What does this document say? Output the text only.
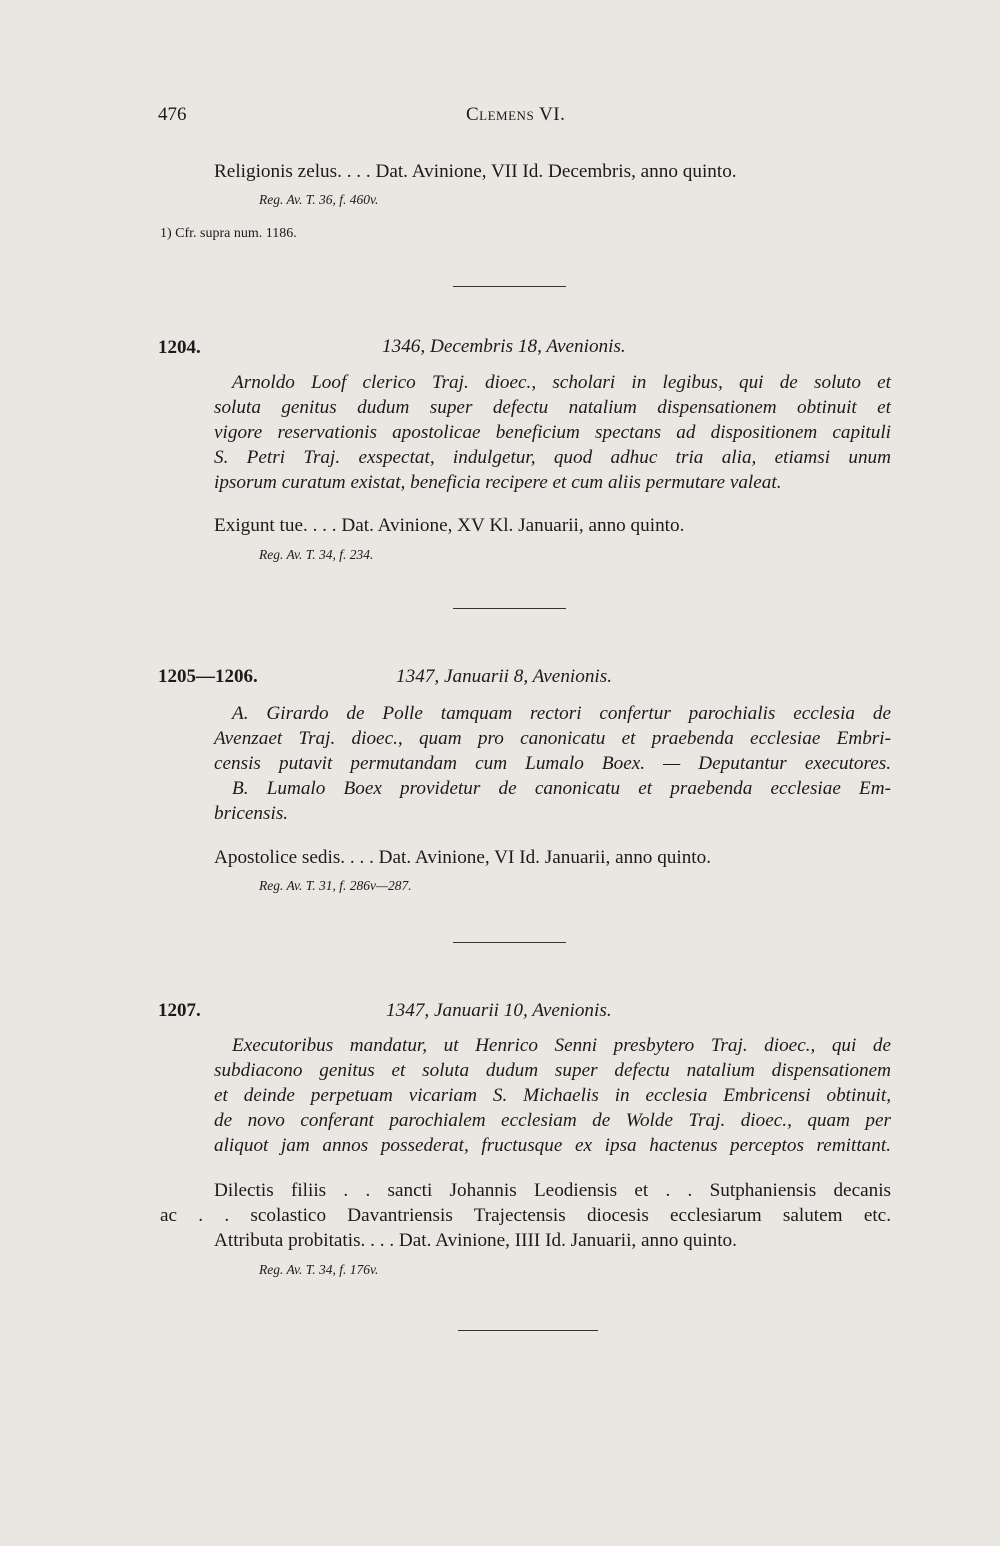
476	Clemens VI.
Religionis zelus. . . . Dat. Avinione, VII Id. Decembris, anno quinto.
Reg. Av. T. 36, f. 460v.
1) Cfr. supra num. 1186.
1204.	1346, Decembris 18, Avenionis.
Arnoldo Loof clerico Traj. dioec., scholari in legibus, qui de soluto et
soluta genitus dudum super defectu natalium dispensationem obtinuit et
vigore reservationis apostolicae beneficium spectans ad dispositionem capituli
S. Petri Traj. exspectat, indulgetur, quod adhuc tria alia, etiamsi unum
ipsorum curatum existat, beneficia recipere et cum aliis permutare valeat.
Exigunt tue. . . . Dat. Avinione, XV Kl. Januarii, anno quinto.
Reg. Av. T. 34, f. 234.
1205—1206.	1347, Januarii 8, Avenionis.
A. Girardo de Polle tamquam rectori confertur parochialis ecclesia de
Avenzaet Traj. dioec., quam pro canonicatu et praebenda ecclesiae Embri-
censis putavit permutandam cum Lumalo Boex. — Deputantur executores.
B. Lumalo Boex providetur de canonicatu et praebenda ecclesiae Em-
bricensis.
Apostolice sedis. . . . Dat. Avinione, VI Id. Januarii, anno quinto.
Reg. Av. T. 31, f. 286v—287.
1207.	1347, Januarii 10, Avenionis.
Executoribus mandatur, ut Henrico Senni presbytero Traj. dioec., qui de
subdiacono genitus et soluta dudum super defectu natalium dispensationem
et deinde perpetuam vicariam S. Michaelis in ecclesia Embricensi obtinuit,
de novo conferant parochialem ecclesiam de Wolde Traj. dioec., quam per
aliquot jam annos possederat, fructusque ex ipsa hactenus perceptos remittant.
Dilectis filiis . . sancti Johannis Leodiensis et . . Sutphaniensis decanis
ac . . scolastico Davantriensis Trajectensis diocesis ecclesiarum salutem etc.
Attributa probitatis. . . . Dat. Avinione, IIII Id. Januarii, anno quinto.
Reg. Av. T. 34, f. 176v.
